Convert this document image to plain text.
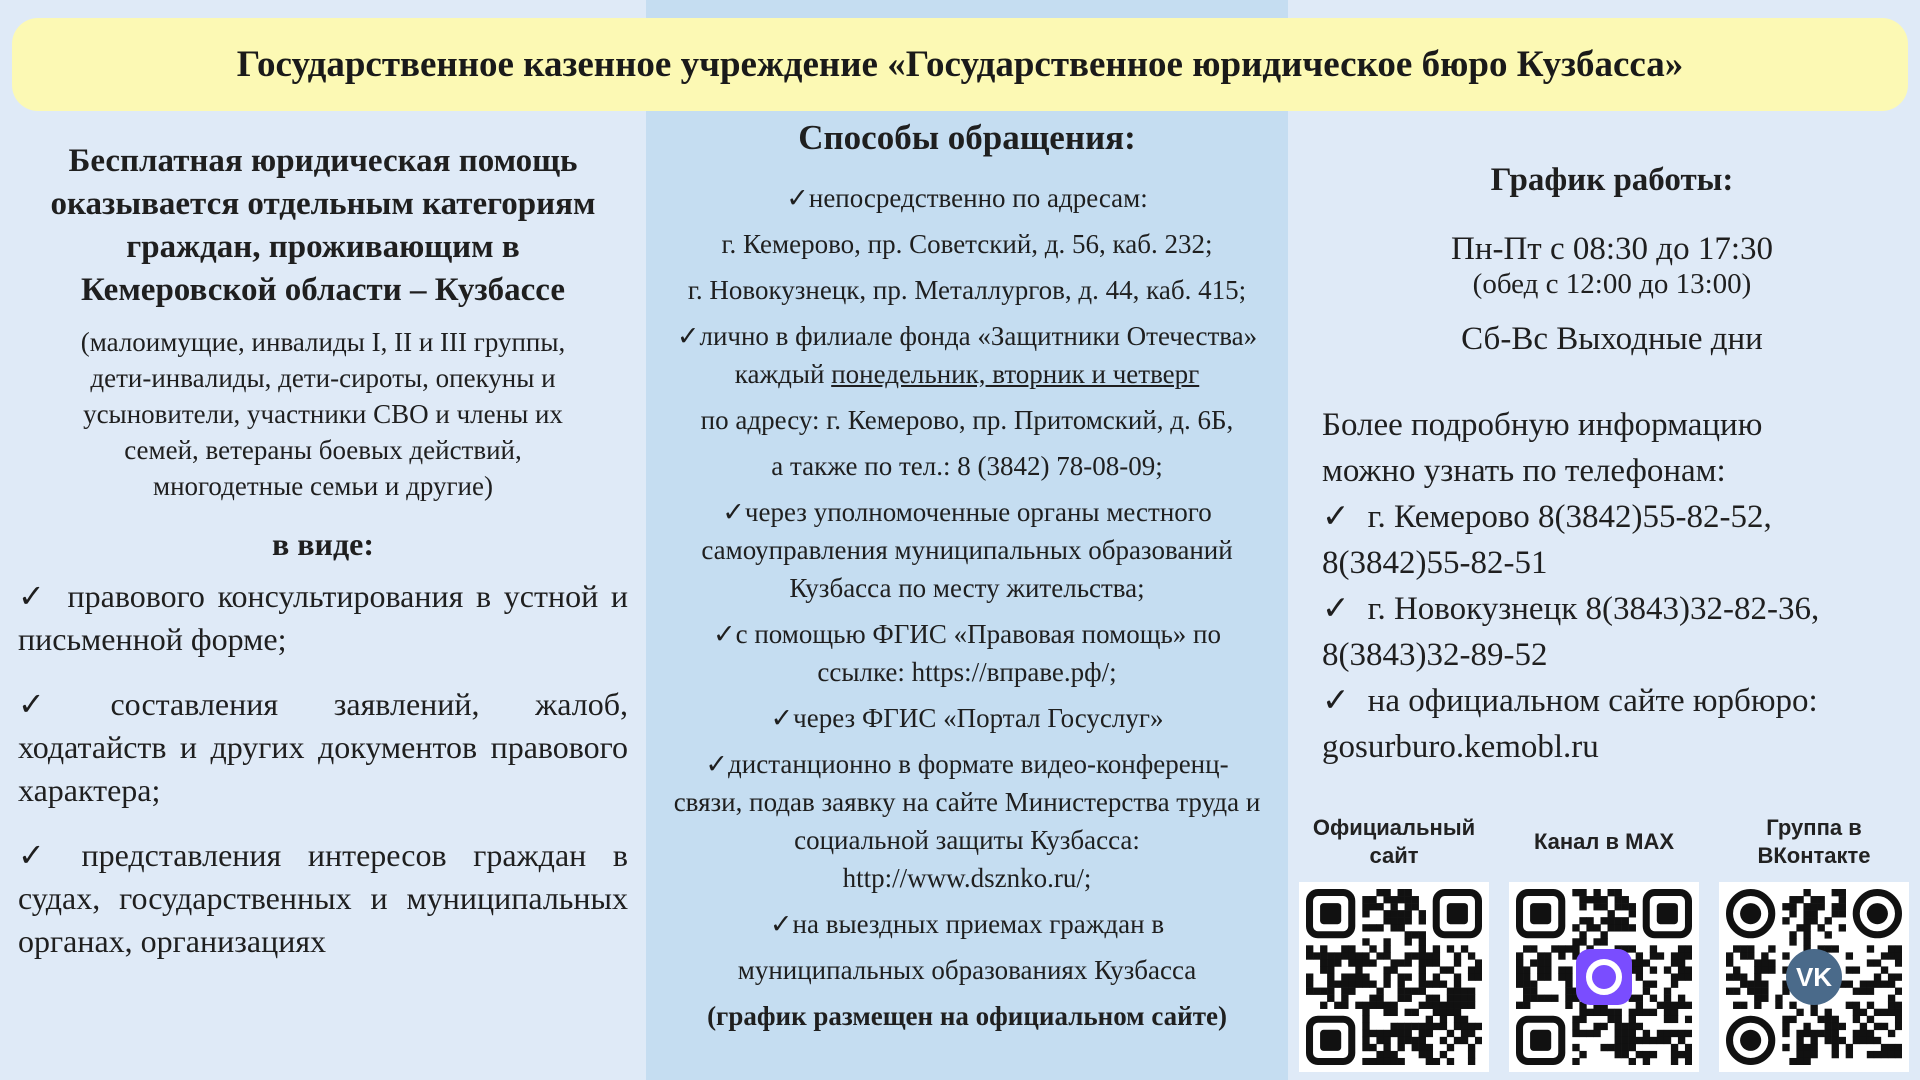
Государственное казенное учреждение «Государственное юридическое бюро Кузбасса»

Бесплатная юридическая помощь
оказывается отдельным категориям
граждан, проживающим в
Кемеровской области – Кузбассе

(малоимущие, инвалиды I, II и III группы,
дети-инвалиды, дети-сироты, опекуны и
усыновители, участники СВО и члены их
семей, ветераны боевых действий,
многодетные семьи и другие)

в виде:

✓ правового консультирования в устной и письменной форме;

✓ составления заявлений, жалоб, ходатайств и других документов правового характера;

✓ представления интересов граждан в судах, государственных и муниципальных органах, организациях

Способы обращения:

✓непосредственно по адресам:

г. Кемерово, пр. Советский, д. 56, каб. 232;

г. Новокузнецк, пр. Металлургов, д. 44, каб. 415;

✓лично в филиале фонда «Защитники Отечества»

каждый понедельник, вторник и четверг

по адресу: г. Кемерово, пр. Притомский, д. 6Б,

а также по тел.: 8 (3842) 78-08-09;

✓через уполномоченные органы местного

самоуправления муниципальных образований

Кузбасса по месту жительства;

✓с помощью ФГИС «Правовая помощь» по

ссылке: https://вправе.рф/;

✓через ФГИС «Портал Госуслуг»

✓дистанционно в формате видео-конференц-

связи, подав заявку на сайте Министерства труда и

социальной защиты Кузбасса:

http://www.dsznko.ru/;

✓на выездных приемах граждан в

муниципальных образованиях Кузбасса

(график размещен на официальном сайте)

График работы:

Пн-Пт с 08:30 до 17:30

(обед с 12:00 до 13:00)

Сб-Вс Выходные дни

Более подробную информацию

можно узнать по телефонам:

✓ г. Кемерово 8(3842)55-82-52,

8(3842)55-82-51

✓ г. Новокузнецк 8(3843)32-82-36,

8(3843)32-89-52

✓ на официальном сайте юрбюро:

gosurburo.kemobl.ru

Официальный сайт
Канал в MAX
Группа в ВКонтакте
VK
